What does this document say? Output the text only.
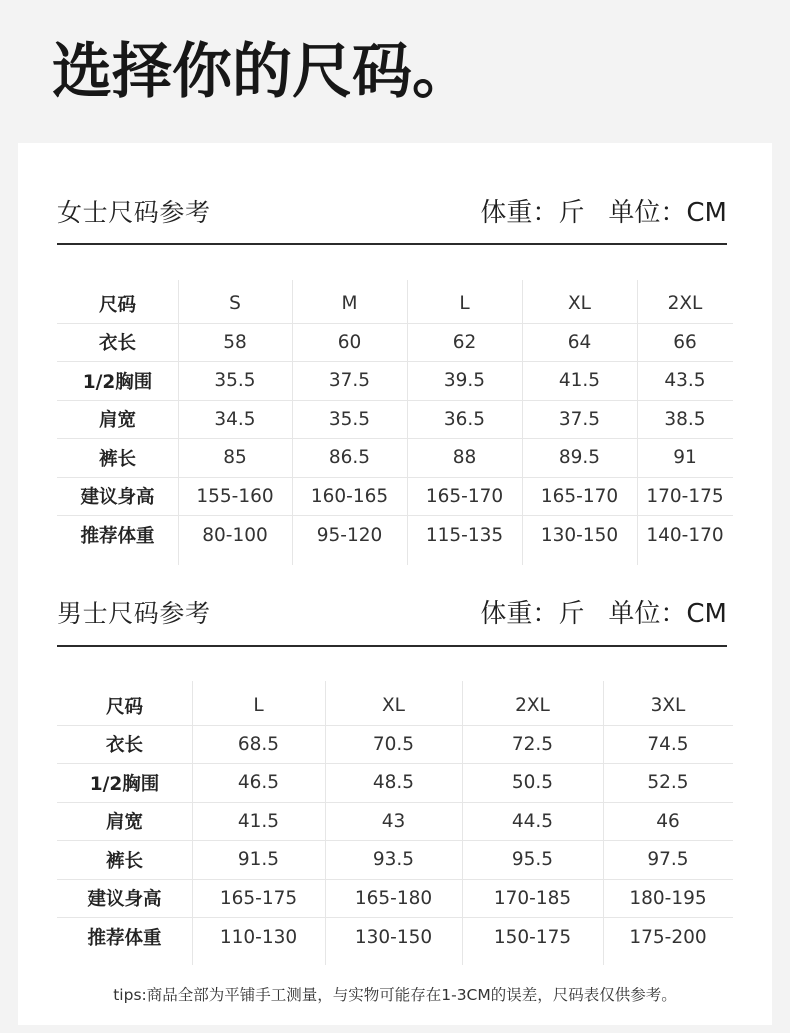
选择你的尺码。
女士尺码参考	体重：斤 单位：CM
尺码	S	M	L	XL	2XL
衣长	58	60	62	64	66
1/2胸围	35.5	37.5	39.5	41.5	43.5
肩宽	34.5	35.5	36.5	37.5	38.5
裤长	85	86.5	88	89.5	91
建议身高	155-160	160-165	165-170	165-170	170-175
推荐体重	80-100	95-120	115-135	130-150	140-170
男士尺码参考	体重：斤 单位：CM
尺码	L	XL	2XL	3XL
衣长	68.5	70.5	72.5	74.5
1/2胸围	46.5	48.5	50.5	52.5
肩宽	41.5	43	44.5	46
裤长	91.5	93.5	95.5	97.5
建议身高	165-175	165-180	170-185	180-195
推荐体重	110-130	130-150	150-175	175-200
tips:商品全部为平铺手工测量，与实物可能存在1-3CM的误差，尺码表仅供参考。
